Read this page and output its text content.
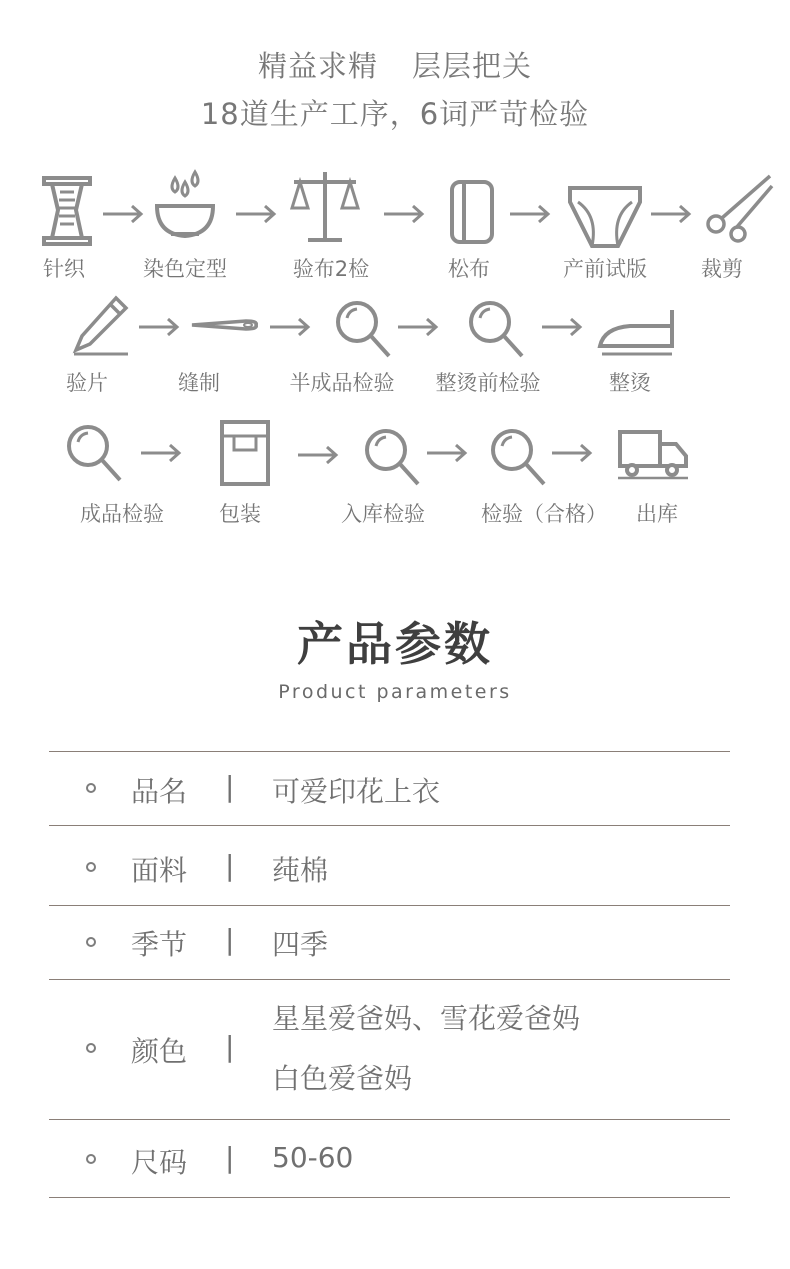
精益求精 层层把关
18道生产工序，6词严苛检验
针织	染色定型	验布2检	松布	产前试版	裁剪
验片	缝制	半成品检验 整烫前检验	整烫
成品检验	包装	入库检验	检验（合格） 出库
产品参数
Product parameters
品名 | 可爱印花上衣
面料 | 莼棉
季节 | 四季
颜色 |
星星爱爸妈、雪花爱爸妈
白色爱爸妈
尺码 | 50-60
